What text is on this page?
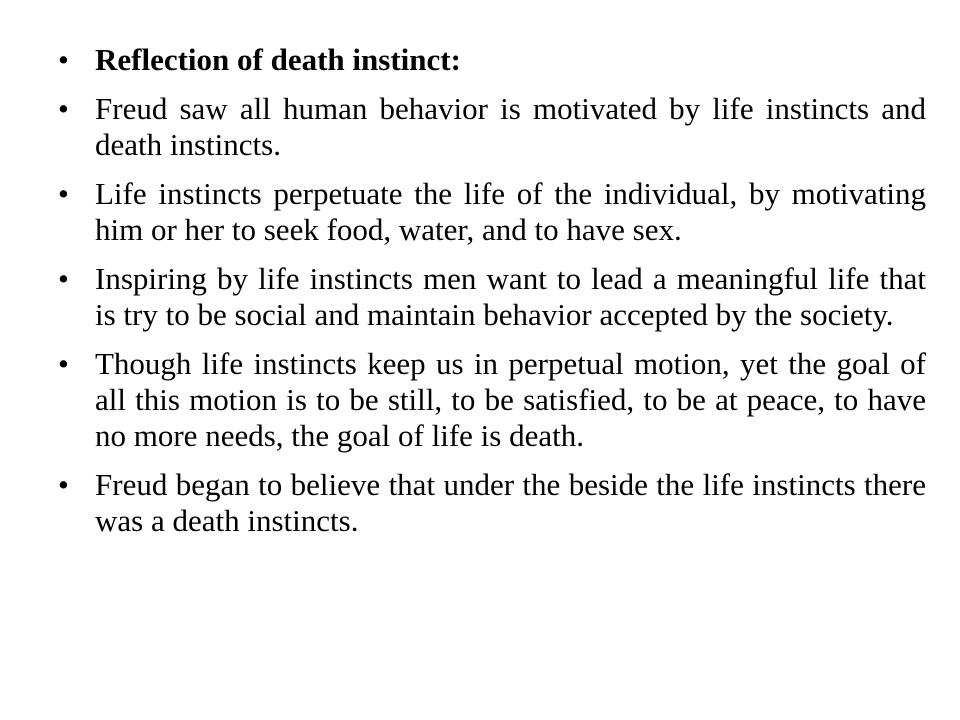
• Reflection of death instinct:
• Freud saw all human behavior is motivated by life instincts and death instincts.
• Life instincts perpetuate the life of the individual, by motivating him or her to seek food, water, and to have sex.
• Inspiring by life instincts men want to lead a meaningful life that is try to be social and maintain behavior accepted by the society.
• Though life instincts keep us in perpetual motion, yet the goal of all this motion is to be still, to be satisfied, to be at peace, to have no more needs, the goal of life is death.
• Freud began to believe that under the beside the life instincts there was a death instincts.
